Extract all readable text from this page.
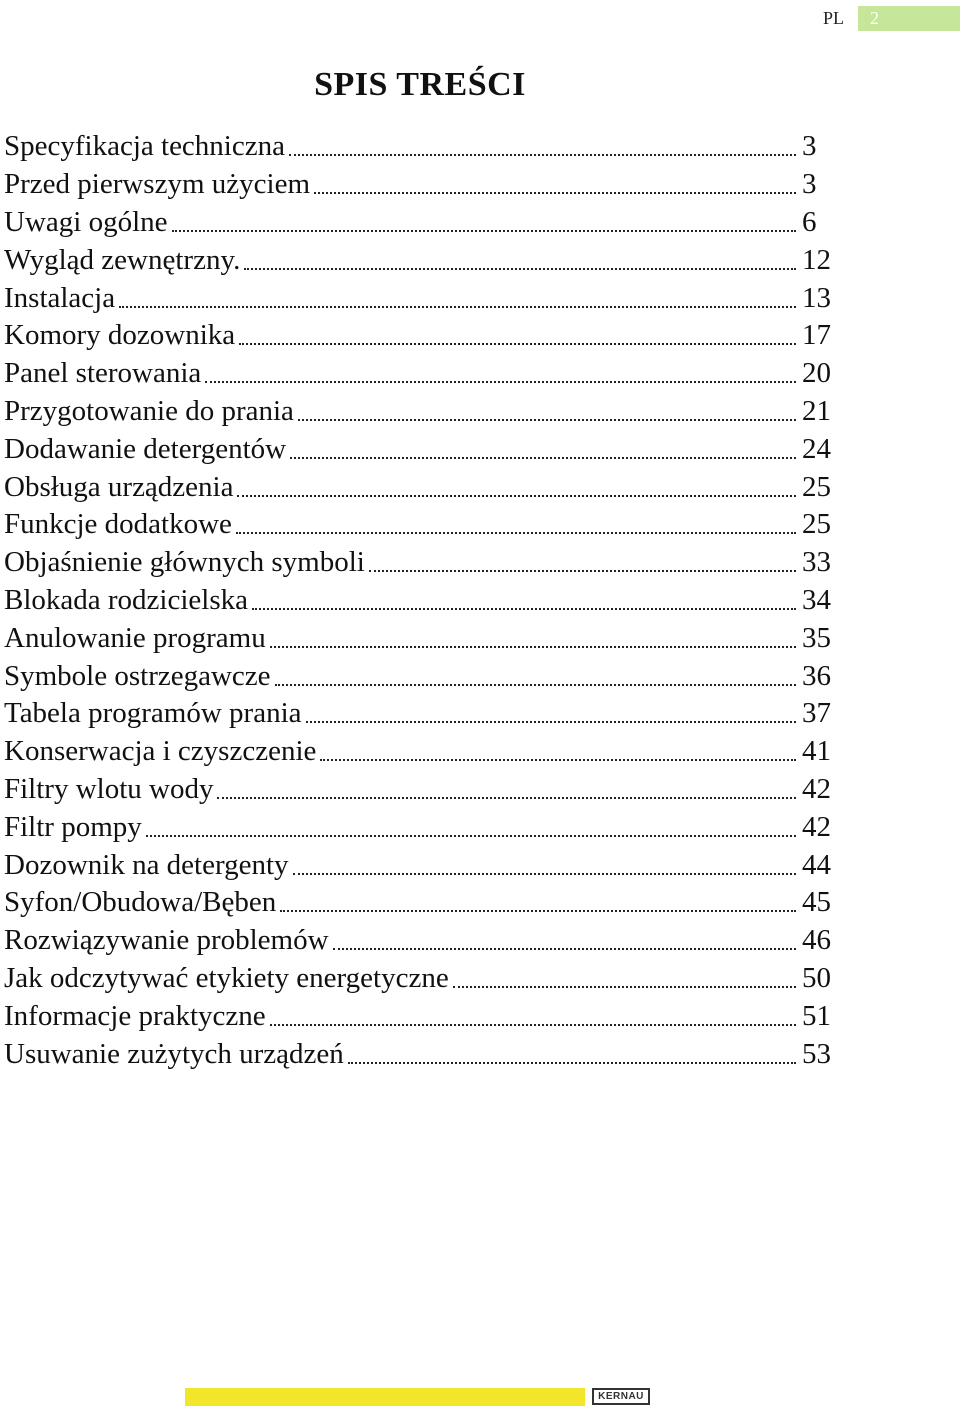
PL	2
SPIS TREŚCI
Specyfikacja techniczna	3
Przed pierwszym użyciem	3
Uwagi ogólne	6
Wygląd zewnętrzny.	12
Instalacja	13
Komory dozownika	17
Panel sterowania	20
Przygotowanie do prania	21
Dodawanie detergentów	24
Obsługa urządzenia	25
Funkcje dodatkowe	25
Objaśnienie głównych symboli	33
Blokada rodzicielska	34
Anulowanie programu	35
Symbole ostrzegawcze	36
Tabela programów prania	37
Konserwacja i czyszczenie	41
Filtry wlotu wody	42
Filtr pompy	42
Dozownik na detergenty	44
Syfon/Obudowa/Bęben	45
Rozwiązywanie problemów	46
Jak odczytywać etykiety energetyczne	50
Informacje praktyczne	51
Usuwanie zużytych urządzeń	53
KERNAU
